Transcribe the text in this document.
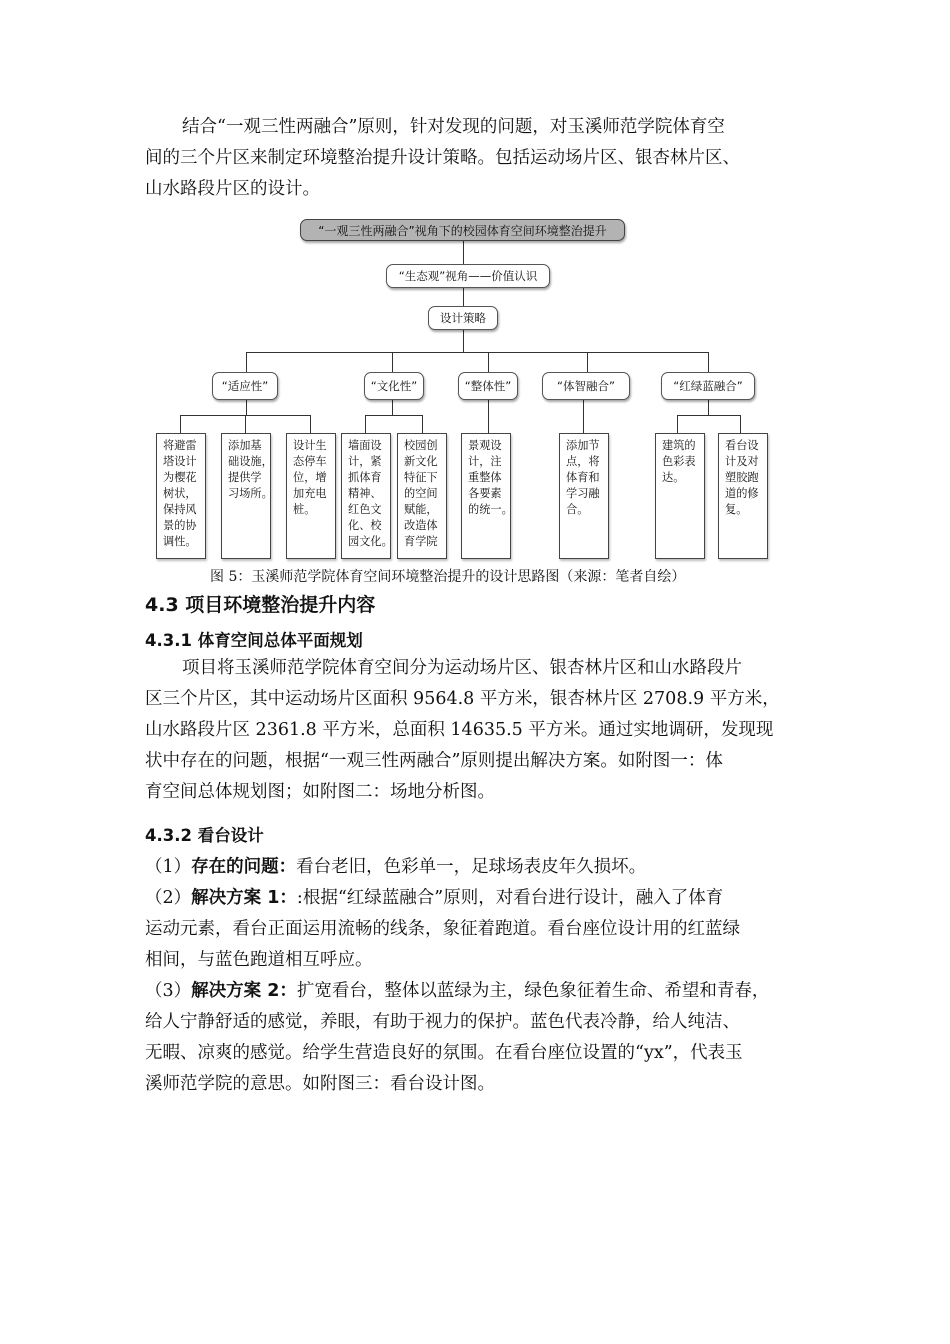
结合“一观三性两融合”原则，针对发现的问题，对玉溪师范学院体育空
间的三个片区来制定环境整治提升设计策略。包括运动场片区、银杏林片区、
山水路段片区的设计。
“一观三性两融合”视角下的校园体育空间环境整治提升
“生态观”视角——价值认识
设计策略
“适应性”	“文化性”	“整体性”	“体智融合”	“红绿蓝融合”
将避雷
塔设计
为樱花
树状，
保持风
景的协
调性。
添加基
础设施，
提供学
习场所。
设计生
态停车
位，增
加充电
桩。
墙面设
计，紧
抓体育
精神、
红色文
化、校
园文化。
校园创
新文化
特征下
的空间
赋能，
改造体
育学院
景观设
计，注
重整体
各要素
的统一。
添加节
点，将
体育和
学习融
合。
建筑的
色彩表
达。
看台设
计及对
塑胶跑
道的修
复。
图 5：玉溪师范学院体育空间环境整治提升的设计思路图（来源：笔者自绘）
4.3 项目环境整治提升内容
4.3.1 体育空间总体平面规划
项目将玉溪师范学院体育空间分为运动场片区、银杏林片区和山水路段片
区三个片区，其中运动场片区面积 9564.8 平方米，银杏林片区 2708.9 平方米，
山水路段片区 2361.8 平方米，总面积 14635.5 平方米。通过实地调研，发现现
状中存在的问题，根据“一观三性两融合”原则提出解决方案。如附图一：体
育空间总体规划图；如附图二：场地分析图。
4.3.2 看台设计
（1）存在的问题：看台老旧，色彩单一，足球场表皮年久损坏。
（2）解决方案 1：:根据“红绿蓝融合”原则，对看台进行设计，融入了体育
运动元素，看台正面运用流畅的线条，象征着跑道。看台座位设计用的红蓝绿
相间，与蓝色跑道相互呼应。
（3）解决方案 2：扩宽看台，整体以蓝绿为主，绿色象征着生命、希望和青春，
给人宁静舒适的感觉，养眼，有助于视力的保护。蓝色代表冷静，给人纯洁、
无暇、凉爽的感觉。给学生营造良好的氛围。在看台座位设置的“yx”，代表玉
溪师范学院的意思。如附图三：看台设计图。
